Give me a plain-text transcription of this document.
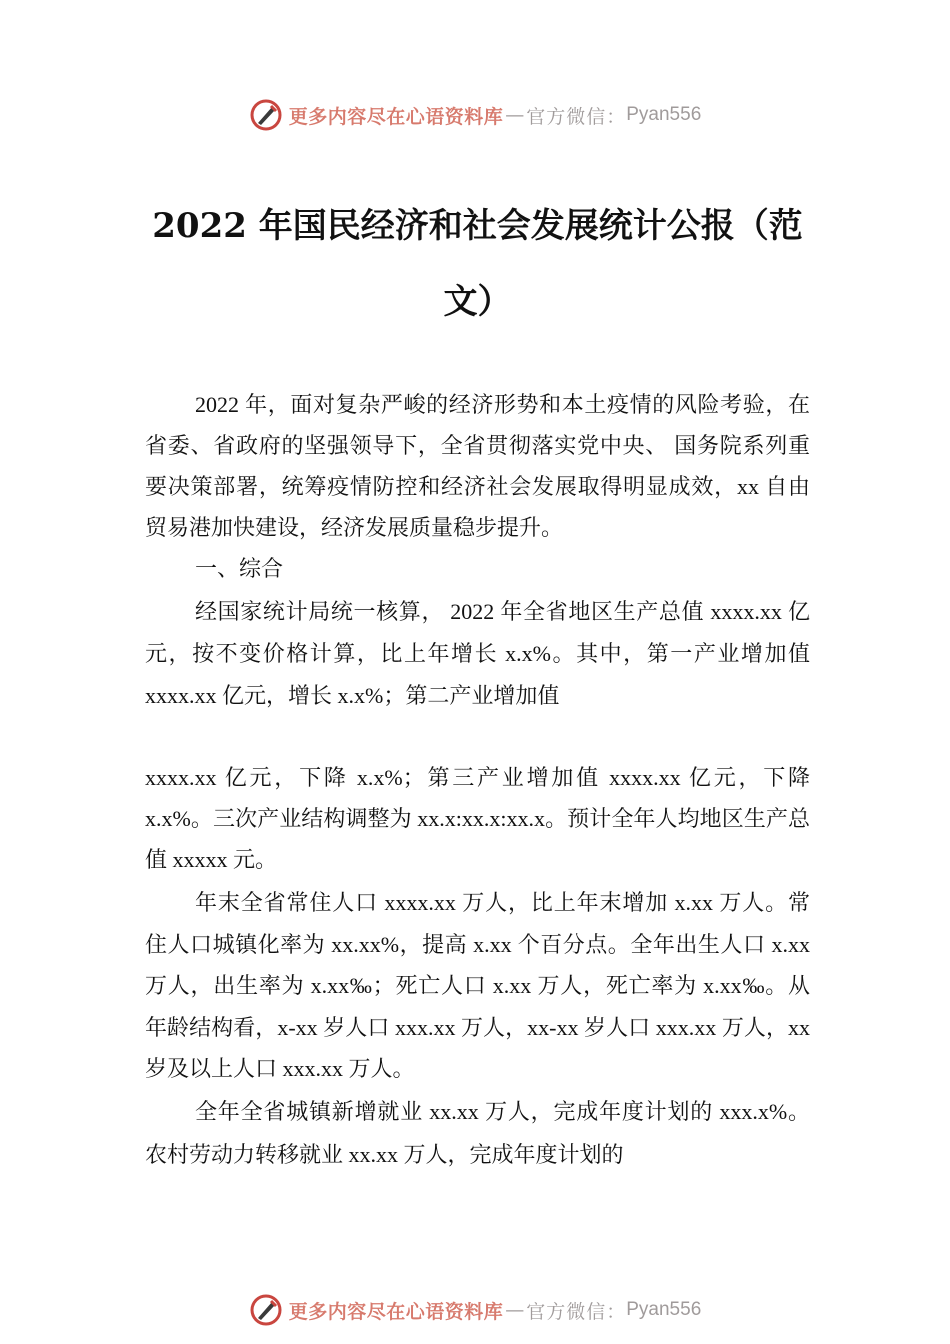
更多内容尽在心语资料库 — 官方微信： Pyan556
2022 年国民经济和社会发展统计公报（范文）
2022 年，面对复杂严峻的经济形势和本土疫情的风险考验，在省委、省政府的坚强领导下，全省贯彻落实党中央、 国务院系列重要决策部署，统筹疫情防控和经济社会发展取得明显成效，xx 自由贸易港加快建设，经济发展质量稳步提升。
一、综合
经国家统计局统一核算， 2022 年全省地区生产总值 xxxx.xx 亿元，按不变价格计算，比上年增长 x.x%。其中，第一产业增加值 xxxx.xx 亿元，增长 x.x%；第二产业增加值
xxxx.xx 亿元，下降 x.x%；第三产业增加值 xxxx.xx 亿元，下降 x.x%。三次产业结构调整为 xx.x:xx.x:xx.x。预计全年人均地区生产总值 xxxxx 元。
年末全省常住人口 xxxx.xx 万人，比上年末增加 x.xx 万人。常住人口城镇化率为 xx.xx%，提高 x.xx 个百分点。全年出生人口 x.xx 万人，出生率为 x.xx‰；死亡人口 x.xx 万人，死亡率为 x.xx‰。从年龄结构看，x-xx 岁人口 xxx.xx 万人，xx-xx 岁人口 xxx.xx 万人，xx 岁及以上人口 xxx.xx 万人。
全年全省城镇新增就业 xx.xx 万人，完成年度计划的 xxx.x%。农村劳动力转移就业 xx.xx 万人，完成年度计划的
更多内容尽在心语资料库 — 官方微信： Pyan556
